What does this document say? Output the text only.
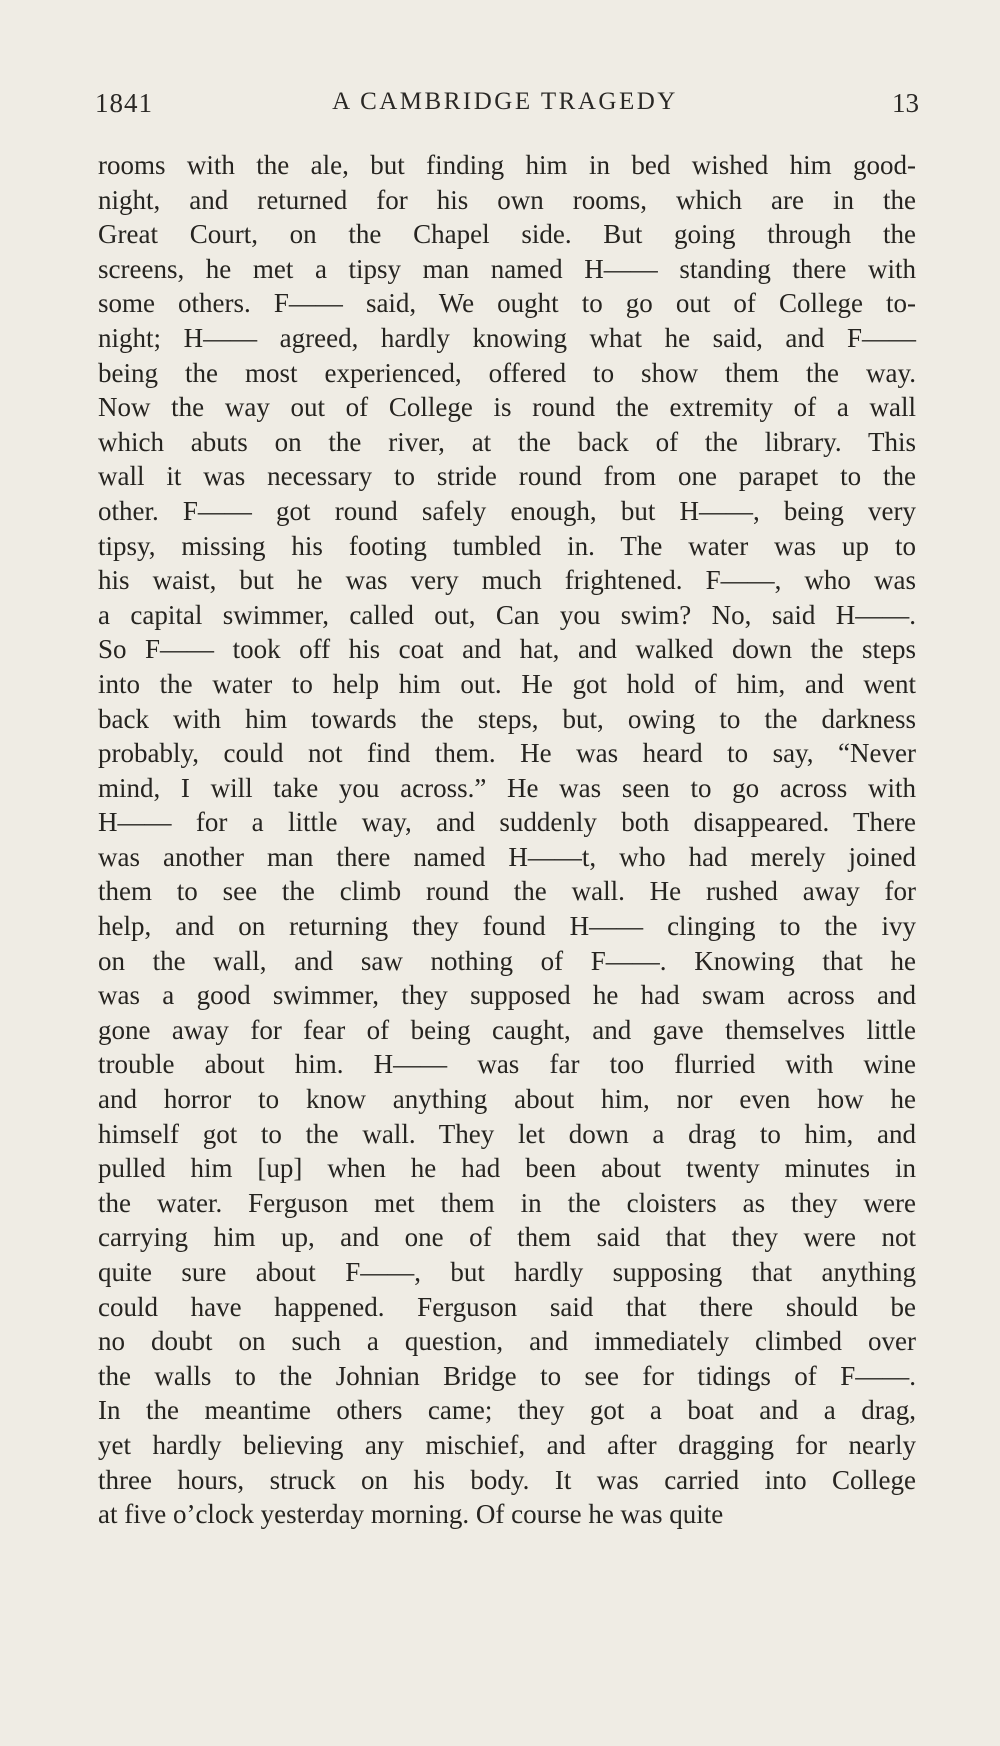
1841	A CAMBRIDGE TRAGEDY	13
rooms with the ale, but finding him in bed wished him good-
night, and returned for his own rooms, which are in the
Great Court, on the Chapel side. But going through the
screens, he met a tipsy man named H—— standing there with
some others. F—— said, We ought to go out of College to-
night; H—— agreed, hardly knowing what he said, and F——
being the most experienced, offered to show them the way.
Now the way out of College is round the extremity of a wall
which abuts on the river, at the back of the library. This
wall it was necessary to stride round from one parapet to the
other. F—— got round safely enough, but H——, being very
tipsy, missing his footing tumbled in. The water was up to
his waist, but he was very much frightened. F——, who was
a capital swimmer, called out, Can you swim? No, said H——.
So F—— took off his coat and hat, and walked down the steps
into the water to help him out. He got hold of him, and went
back with him towards the steps, but, owing to the darkness
probably, could not find them. He was heard to say, “Never
mind, I will take you across.” He was seen to go across with
H—— for a little way, and suddenly both disappeared. There
was another man there named H——t, who had merely joined
them to see the climb round the wall. He rushed away for
help, and on returning they found H—— clinging to the ivy
on the wall, and saw nothing of F——. Knowing that he
was a good swimmer, they supposed he had swam across and
gone away for fear of being caught, and gave themselves little
trouble about him. H—— was far too flurried with wine
and horror to know anything about him, nor even how he
himself got to the wall. They let down a drag to him, and
pulled him [up] when he had been about twenty minutes in
the water. Ferguson met them in the cloisters as they were
carrying him up, and one of them said that they were not
quite sure about F——, but hardly supposing that anything
could have happened. Ferguson said that there should be
no doubt on such a question, and immediately climbed over
the walls to the Johnian Bridge to see for tidings of F——.
In the meantime others came; they got a boat and a drag,
yet hardly believing any mischief, and after dragging for nearly
three hours, struck on his body. It was carried into College
at five o’clock yesterday morning. Of course he was quite
